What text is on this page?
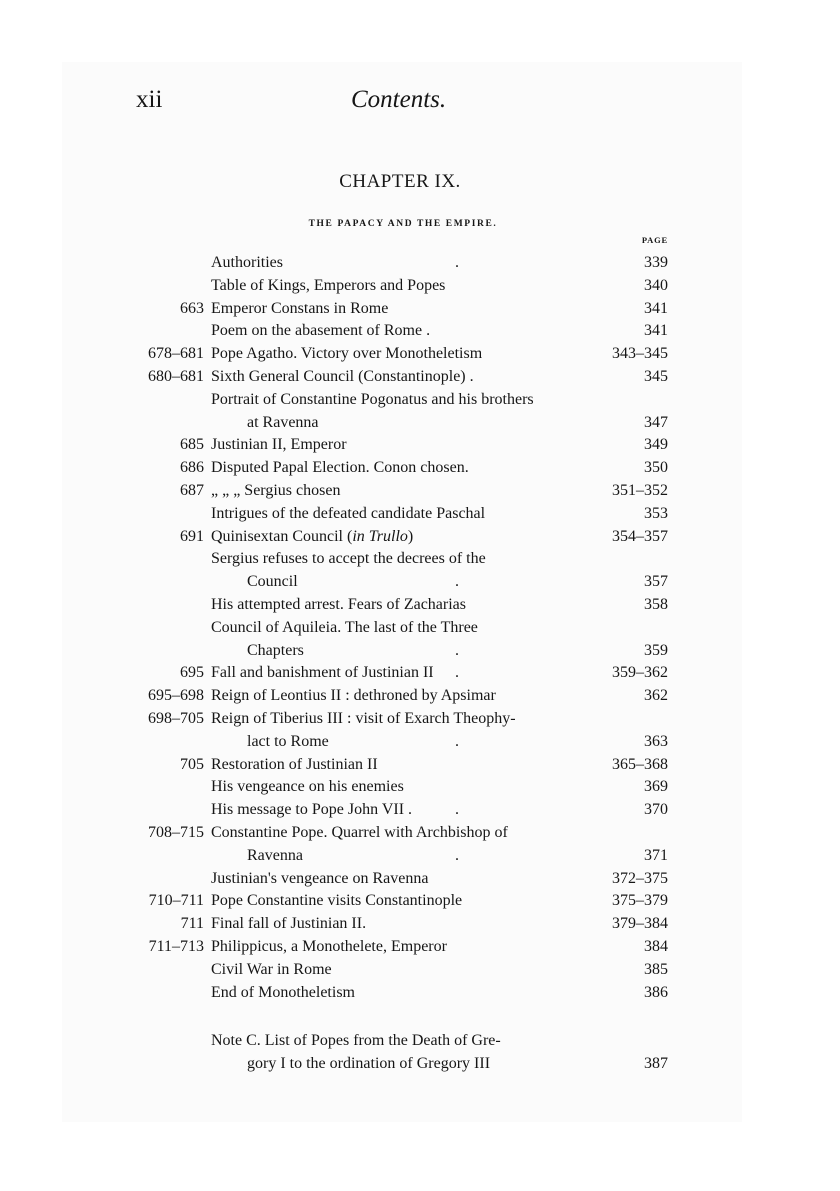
xii	Contents.
CHAPTER IX.
THE PAPACY AND THE EMPIRE.
PAGE
Authorities	.	339
Table of Kings, Emperors and Popes	340
663 Emperor Constans in Rome	341
Poem on the abasement of Rome .	341
678–681 Pope Agatho. Victory over Monotheletism	343–345
680–681 Sixth General Council (Constantinople) .	345
Portrait of Constantine Pogonatus and his brothers
at Ravenna	347
685 Justinian II, Emperor	349
686 Disputed Papal Election. Conon chosen.	350
687 „ „ „ Sergius chosen	351–352
Intrigues of the defeated candidate Paschal	353
691 Quinisextan Council (in Trullo)	354–357
Sergius refuses to accept the decrees of the
Council	.	357
His attempted arrest. Fears of Zacharias	358
Council of Aquileia. The last of the Three
Chapters	.	359
695 Fall and banishment of Justinian II .	359–362
695–698 Reign of Leontius II : dethroned by Apsimar	362
698–705 Reign of Tiberius III : visit of Exarch Theophy-
lact to Rome	.	363
705 Restoration of Justinian II	365–368
His vengeance on his enemies	369
His message to Pope John VII .	.	370
708–715 Constantine Pope. Quarrel with Archbishop of
Ravenna	.	371
Justinian's vengeance on Ravenna	372–375
710–711 Pope Constantine visits Constantinople	375–379
711 Final fall of Justinian II.	379–384
711–713 Philippicus, a Monothelete, Emperor	384
Civil War in Rome	385
End of Monotheletism	386
Note C. List of Popes from the Death of Gre-
gory I to the ordination of Gregory III	387
